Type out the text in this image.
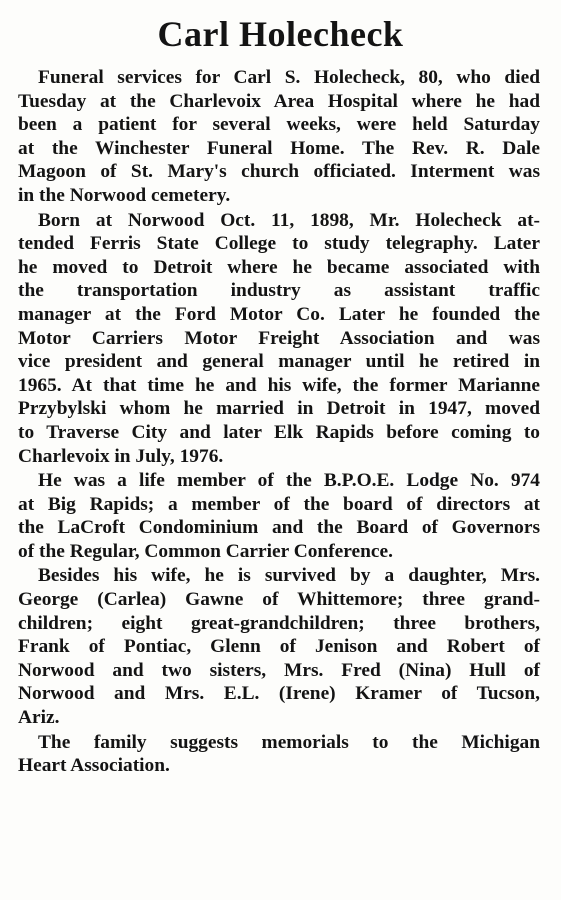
Carl Holecheck

Funeral services for Carl S. Holecheck, 80, who died
Tuesday at the Charlevoix Area Hospital where he had
been a patient for several weeks, were held Saturday
at the Winchester Funeral Home. The Rev. R. Dale
Magoon of St. Mary's church officiated. Interment was
in the Norwood cemetery.

Born at Norwood Oct. 11, 1898, Mr. Holecheck at-
tended Ferris State College to study telegraphy. Later
he moved to Detroit where he became associated with
the transportation industry as assistant traffic
manager at the Ford Motor Co. Later he founded the
Motor Carriers Motor Freight Association and was
vice president and general manager until he retired in
1965. At that time he and his wife, the former Marianne
Przybylski whom he married in Detroit in 1947, moved
to Traverse City and later Elk Rapids before coming to
Charlevoix in July, 1976.

He was a life member of the B.P.O.E. Lodge No. 974
at Big Rapids; a member of the board of directors at
the LaCroft Condominium and the Board of Governors
of the Regular, Common Carrier Conference.

Besides his wife, he is survived by a daughter, Mrs.
George (Carlea) Gawne of Whittemore; three grand-
children; eight great-grandchildren; three brothers,
Frank of Pontiac, Glenn of Jenison and Robert of
Norwood and two sisters, Mrs. Fred (Nina) Hull of
Norwood and Mrs. E.L. (Irene) Kramer of Tucson,
Ariz.

The family suggests memorials to the Michigan
Heart Association.
